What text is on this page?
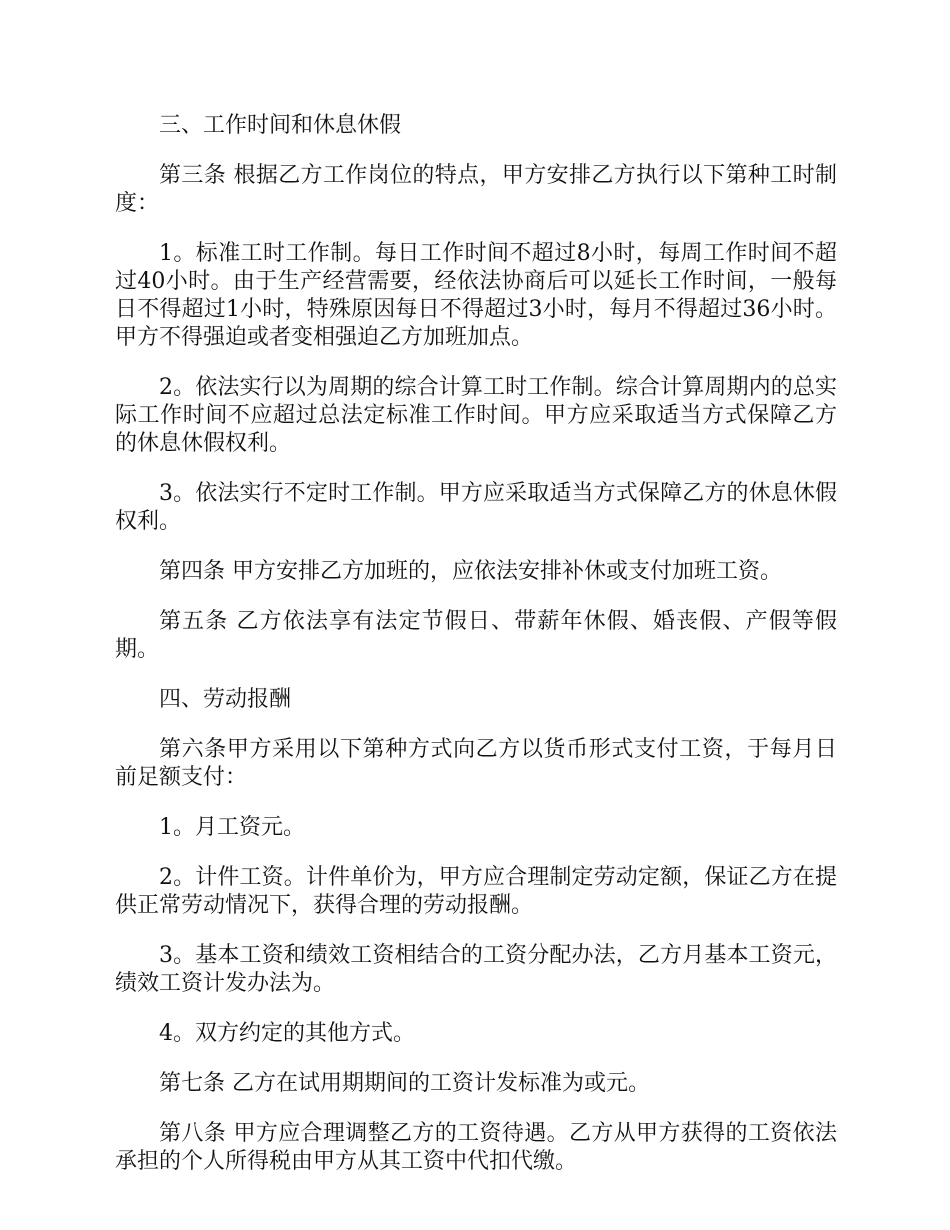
三、工作时间和休息休假

第三条 根据乙方工作岗位的特点，甲方安排乙方执行以下第种工时制度：

1。标准工时工作制。每日工作时间不超过8小时，每周工作时间不超过40小时。由于生产经营需要，经依法协商后可以延长工作时间，一般每日不得超过1小时，特殊原因每日不得超过3小时，每月不得超过36小时。甲方不得强迫或者变相强迫乙方加班加点。

2。依法实行以为周期的综合计算工时工作制。综合计算周期内的总实际工作时间不应超过总法定标准工作时间。甲方应采取适当方式保障乙方的休息休假权利。

3。依法实行不定时工作制。甲方应采取适当方式保障乙方的休息休假权利。

第四条 甲方安排乙方加班的，应依法安排补休或支付加班工资。

第五条 乙方依法享有法定节假日、带薪年休假、婚丧假、产假等假期。

四、劳动报酬

第六条甲方采用以下第种方式向乙方以货币形式支付工资，于每月日前足额支付：

1。月工资元。

2。计件工资。计件单价为，甲方应合理制定劳动定额，保证乙方在提供正常劳动情况下，获得合理的劳动报酬。

3。基本工资和绩效工资相结合的工资分配办法，乙方月基本工资元，绩效工资计发办法为。

4。双方约定的其他方式。

第七条 乙方在试用期期间的工资计发标准为或元。

第八条 甲方应合理调整乙方的工资待遇。乙方从甲方获得的工资依法承担的个人所得税由甲方从其工资中代扣代缴。
